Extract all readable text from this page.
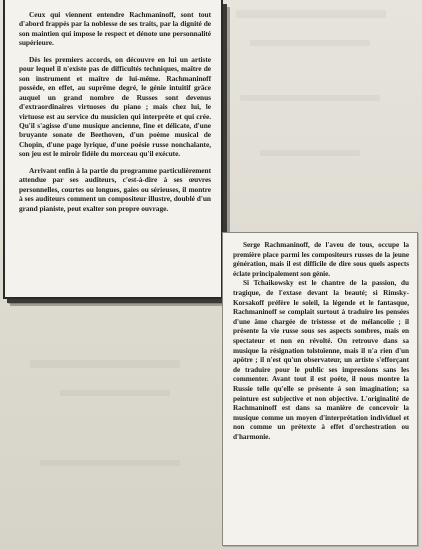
Ceux qui viennent entendre Rachmaninoff, sont tout d'abord frappés par la noblesse de ses traits, par la dignité de son maintien qui impose le respect et dénote une personnalité supérieure.

Dès les premiers accords, on découvre en lui un artiste pour lequel il n'existe pas de difficultés techniques, maître de son instrument et maître de lui-même. Rachmaninoff possède, en effet, au suprême degré, le génie intuitif grâce auquel un grand nombre de Russes sont devenus d'extraordinaires virtuoses du piano ; mais chez lui, le virtuose est au service du musicien qui interprète et qui crée. Qu'il s'agisse d'une musique ancienne, fine et délicate, d'une bruyante sonate de Beethoven, d'un poème musical de Chopin, d'une page lyrique, d'une poésie russe nonchalante, son jeu est le miroir fidèle du morceau qu'il exécute.

Arrivant enfin à la partie du programme particulièrement attendue par ses auditeurs, c'est-à-dire à ses œuvres personnelles, courtes ou longues, gaies ou sérieuses, il montre à ses auditeurs comment un compositeur illustre, doublé d'un grand pianiste, peut exalter son propre ouvrage.

Serge Rachmaninoff, de l'aveu de tous, occupe la première place parmi les compositeurs russes de la jeune génération, mais il est difficile de dire sous quels aspects éclate principalement son génie.

Si Tchaikowsky est le chantre de la passion, du tragique, de l'extase devant la beauté; si Rimsky-Korsakoff préfère le soleil, la légende et le fantasque, Rachmaninoff se complait surtout à traduire les pensées d'une âme chargée de tristesse et de mélancolie ; il présente la vie russe sous ses aspects sombres, mais en spectateur et non en révolté. On retrouve dans sa musique la résignation tolstoïenne, mais il n'a rien d'un apôtre ; il n'est qu'un observateur, un artiste s'efforçant de traduire pour le public ses impressions sans les commenter. Avant tout il est poète, il nous montre la Russie telle qu'elle se présente à son imagination; sa peinture est subjective et non objective. L'originalité de Rachmaninoff est dans sa manière de concevoir la musique comme un moyen d'interprétation individuel et non comme un prétexte à effet d'orchestration ou d'harmonie.
